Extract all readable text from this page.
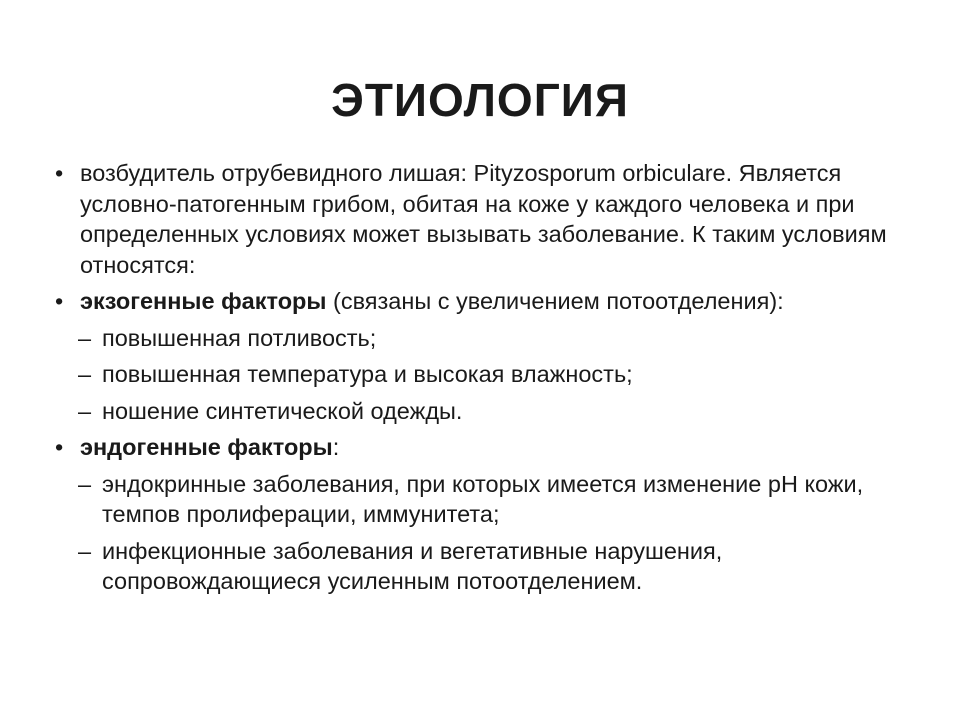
ЭТИОЛОГИЯ
• возбудитель отрубевидного лишая: Pityzosporum orbiculare. Является условно-патогенным грибом, обитая на коже у каждого человека и при определенных условиях может вызывать заболевание. К таким условиям относятся:
• экзогенные факторы (связаны с увеличением потоотделения):
– повышенная потливость;
– повышенная температура и высокая влажность;
– ношение синтетической одежды.
• эндогенные факторы:
– эндокринные заболевания, при которых имеется изменение рН кожи, темпов пролиферации, иммунитета;
– инфекционные заболевания и вегетативные нарушения, сопровождающиеся усиленным потоотделением.
